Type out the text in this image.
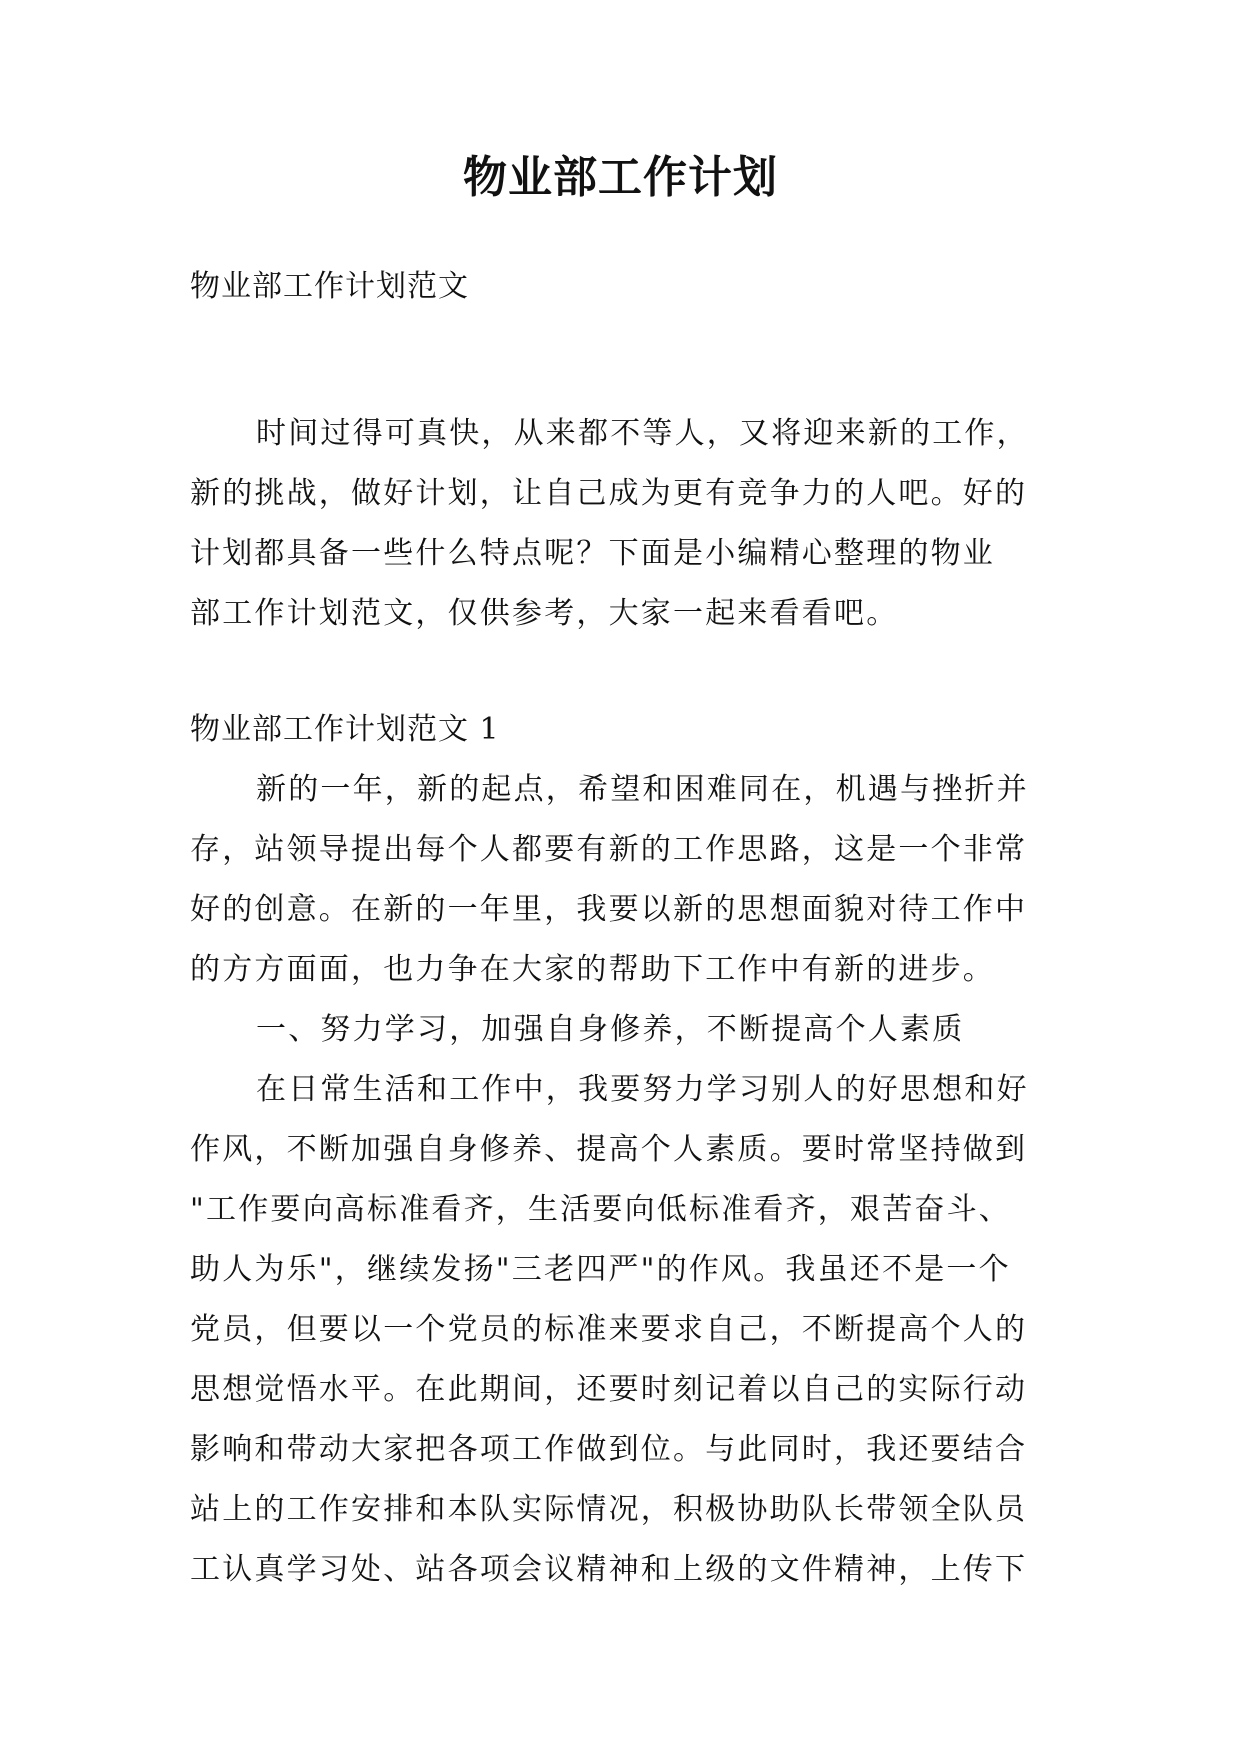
物业部工作计划
物业部工作计划范文
时间过得可真快，从来都不等人，又将迎来新的工作，
新的挑战，做好计划，让自己成为更有竞争力的人吧。好的
计划都具备一些什么特点呢？下面是小编精心整理的物业
部工作计划范文，仅供参考，大家一起来看看吧。
物业部工作计划范文 1
新的一年，新的起点，希望和困难同在，机遇与挫折并
存，站领导提出每个人都要有新的工作思路，这是一个非常
好的创意。在新的一年里，我要以新的思想面貌对待工作中
的方方面面，也力争在大家的帮助下工作中有新的进步。
一、努力学习，加强自身修养，不断提高个人素质
在日常生活和工作中，我要努力学习别人的好思想和好
作风，不断加强自身修养、提高个人素质。要时常坚持做到
"工作要向高标准看齐，生活要向低标准看齐，艰苦奋斗、
助人为乐"，继续发扬"三老四严"的作风。我虽还不是一个
党员，但要以一个党员的标准来要求自己，不断提高个人的
思想觉悟水平。在此期间，还要时刻记着以自己的实际行动
影响和带动大家把各项工作做到位。与此同时，我还要结合
站上的工作安排和本队实际情况，积极协助队长带领全队员
工认真学习处、站各项会议精神和上级的文件精神，上传下
